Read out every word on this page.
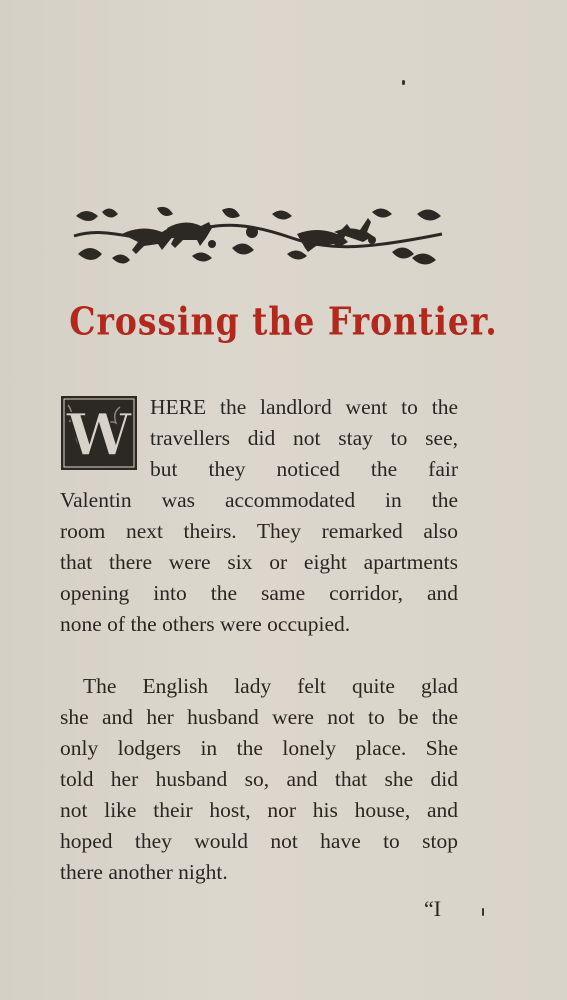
Crossing the Frontier.
W HERE the landlord went to the
travellers did not stay to see,
but they noticed the fair
Valentin was accommodated in the
room next theirs. They remarked also
that there were six or eight apartments
opening into the same corridor, and
none of the others were occupied.
The English lady felt quite glad
she and her husband were not to be the
only lodgers in the lonely place. She
told her husband so, and that she did
not like their host, nor his house, and
hoped they would not have to stop
there another night.
“I
